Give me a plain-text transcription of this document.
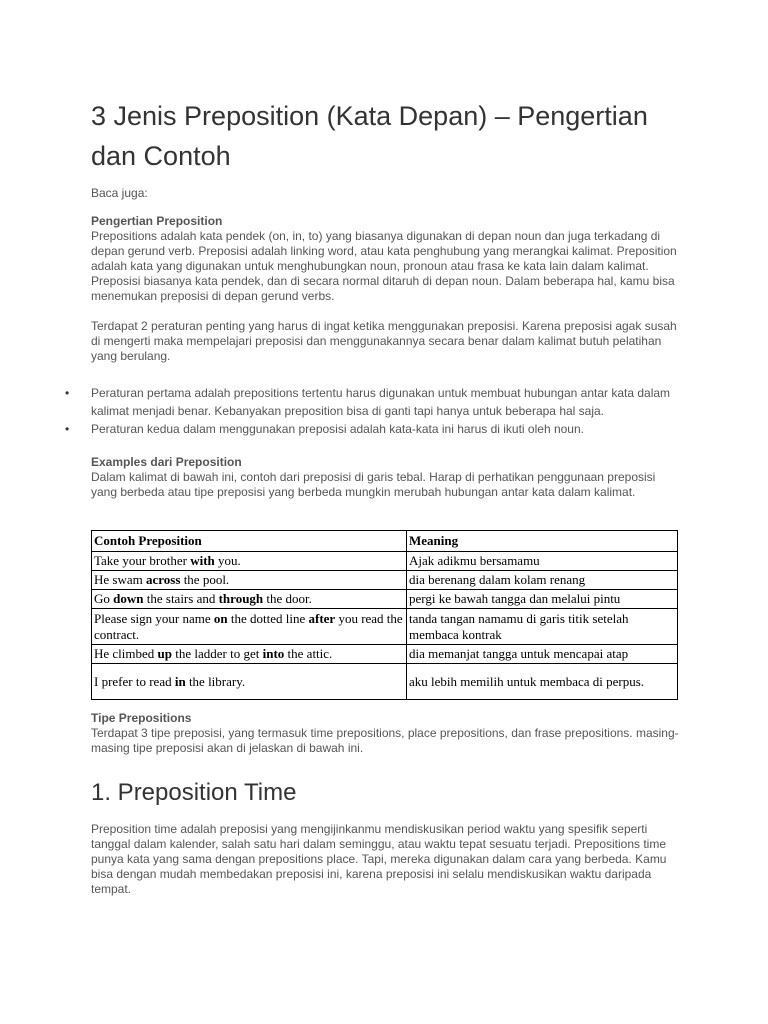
3 Jenis Preposition (Kata Depan) – Pengertian dan Contoh

Baca juga:

Pengertian Preposition

Prepositions adalah kata pendek (on, in, to) yang biasanya digunakan di depan noun dan juga terkadang di depan gerund verb. Preposisi adalah linking word, atau kata penghubung yang merangkai kalimat. Preposition adalah kata yang digunakan untuk menghubungkan noun, pronoun atau frasa ke kata lain dalam kalimat. Preposisi biasanya kata pendek, dan di secara normal ditaruh di depan noun. Dalam beberapa hal, kamu bisa menemukan preposisi di depan gerund verbs.

Terdapat 2 peraturan penting yang harus di ingat ketika menggunakan preposisi. Karena preposisi agak susah di mengerti maka mempelajari preposisi dan menggunakannya secara benar dalam kalimat butuh pelatihan yang berulang.

• Peraturan pertama adalah prepositions tertentu harus digunakan untuk membuat hubungan antar kata dalam kalimat menjadi benar. Kebanyakan preposition bisa di ganti tapi hanya untuk beberapa hal saja.
• Peraturan kedua dalam menggunakan preposisi adalah kata-kata ini harus di ikuti oleh noun.

Examples dari Preposition

Dalam kalimat di bawah ini, contoh dari preposisi di garis tebal. Harap di perhatikan penggunaan preposisi yang berbeda atau tipe preposisi yang berbeda mungkin merubah hubungan antar kata dalam kalimat.

Contoh Preposition	Meaning
Take your brother with you.	Ajak adikmu bersamamu
He swam across the pool.	dia berenang dalam kolam renang
Go down the stairs and through the door.	pergi ke bawah tangga dan melalui pintu
Please sign your name on the dotted line after you read the contract.	tanda tangan namamu di garis titik setelah membaca kontrak
He climbed up the ladder to get into the attic.	dia memanjat tangga untuk mencapai atap
I prefer to read in the library.	aku lebih memilih untuk membaca di perpus.

Tipe Prepositions

Terdapat 3 tipe preposisi, yang termasuk time prepositions, place prepositions, dan frase prepositions. masing-masing tipe preposisi akan di jelaskan di bawah ini.

1. Preposition Time

Preposition time adalah preposisi yang mengijinkanmu mendiskusikan period waktu yang spesifik seperti tanggal dalam kalender, salah satu hari dalam seminggu, atau waktu tepat sesuatu terjadi. Prepositions time punya kata yang sama dengan prepositions place. Tapi, mereka digunakan dalam cara yang berbeda. Kamu bisa dengan mudah membedakan preposisi ini, karena preposisi ini selalu mendiskusikan waktu daripada tempat.
